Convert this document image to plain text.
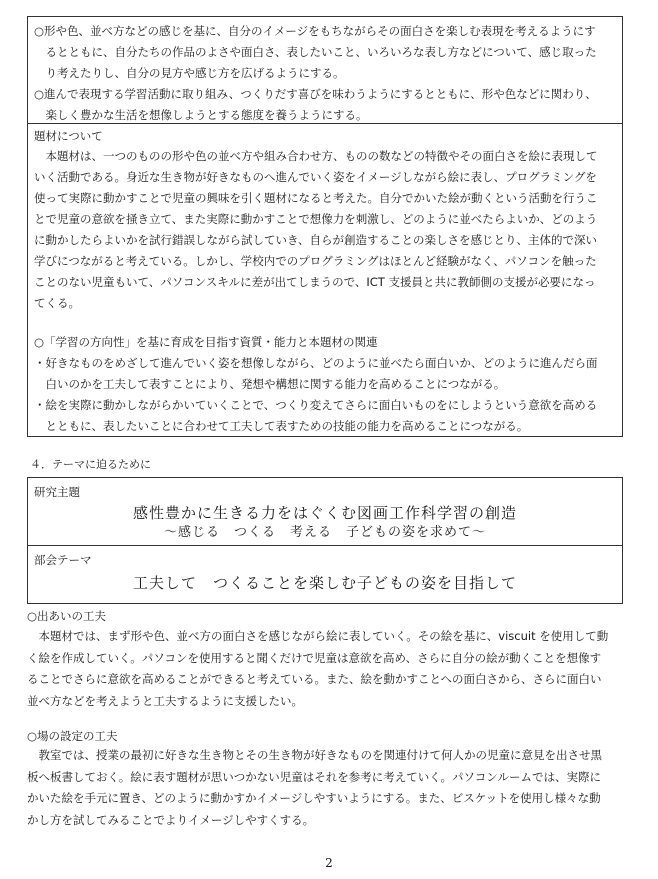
○形や色、並べ方などの感じを基に、自分のイメージをもちながらその面白さを楽しむ表現を考えるようにす
　るとともに、自分たちの作品のよさや面白さ、表したいこと、いろいろな表し方などについて、感じ取った
　り考えたりし、自分の見方や感じ方を広げるようにする。

○進んで表現する学習活動に取り組み、つくりだす喜びを味わうようにするとともに、形や色などに関わり、
　楽しく豊かな生活を想像しようとする態度を養うようにする。

題材について

　本題材は、一つのものの形や色の並べ方や組み合わせ方、ものの数などの特徴やその面白さを絵に表現して
いく活動である。身近な生き物が好きなものへ進んでいく姿をイメージしながら絵に表し、プログラミングを
使って実際に動かすことで児童の興味を引く題材になると考えた。自分でかいた絵が動くという活動を行うこ
とで児童の意欲を掻き立て、また実際に動かすことで想像力を刺激し、どのように並べたらよいか、どのよう
に動かしたらよいかを試行錯誤しながら試していき、自らが創造することの楽しさを感じとり、主体的で深い
学びにつながると考えている。しかし、学校内でのプログラミングはほとんど経験がなく、パソコンを触った
ことのない児童もいて、パソコンスキルに差が出てしまうので、ICT 支援員と共に教師側の支援が必要になっ
てくる。

○「学習の方向性」を基に育成を目指す資質・能力と本題材の関連

・好きなものをめざして進んでいく姿を想像しながら、どのように並べたら面白いか、どのように進んだら面
　白いのかを工夫して表すことにより、発想や構想に関する能力を高めることにつながる。

・絵を実際に動かしながらかいていくことで、つくり変えてさらに面白いものをにしようという意欲を高める
　とともに、表したいことに合わせて工夫して表すための技能の能力を高めることにつながる。

４．テーマに迫るために

研究主題

感性豊かに生きる力をはぐくむ図画工作科学習の創造
～感じる　つくる　考える　子どもの姿を求めて～

部会テーマ

工夫して　つくることを楽しむ子どもの姿を目指して
○出あいの工夫

　本題材では、まず形や色、並べ方の面白さを感じながら絵に表していく。その絵を基に、viscuit を使用して動
く絵を作成していく。パソコンを使用すると聞くだけで児童は意欲を高め、さらに自分の絵が動くことを想像す
ることでさらに意欲を高めることができると考えている。また、絵を動かすことへの面白さから、さらに面白い
並べ方などを考えようと工夫するように支援したい。

○場の設定の工夫

　教室では、授業の最初に好きな生き物とその生き物が好きなものを関連付けて何人かの児童に意見を出させ黒
板へ板書しておく。絵に表す題材が思いつかない児童はそれを参考に考えていく。パソコンルームでは、実際に
かいた絵を手元に置き、どのように動かすかイメージしやすいようにする。また、ビスケットを使用し様々な動
かし方を試してみることでよりイメージしやすくする。

2
